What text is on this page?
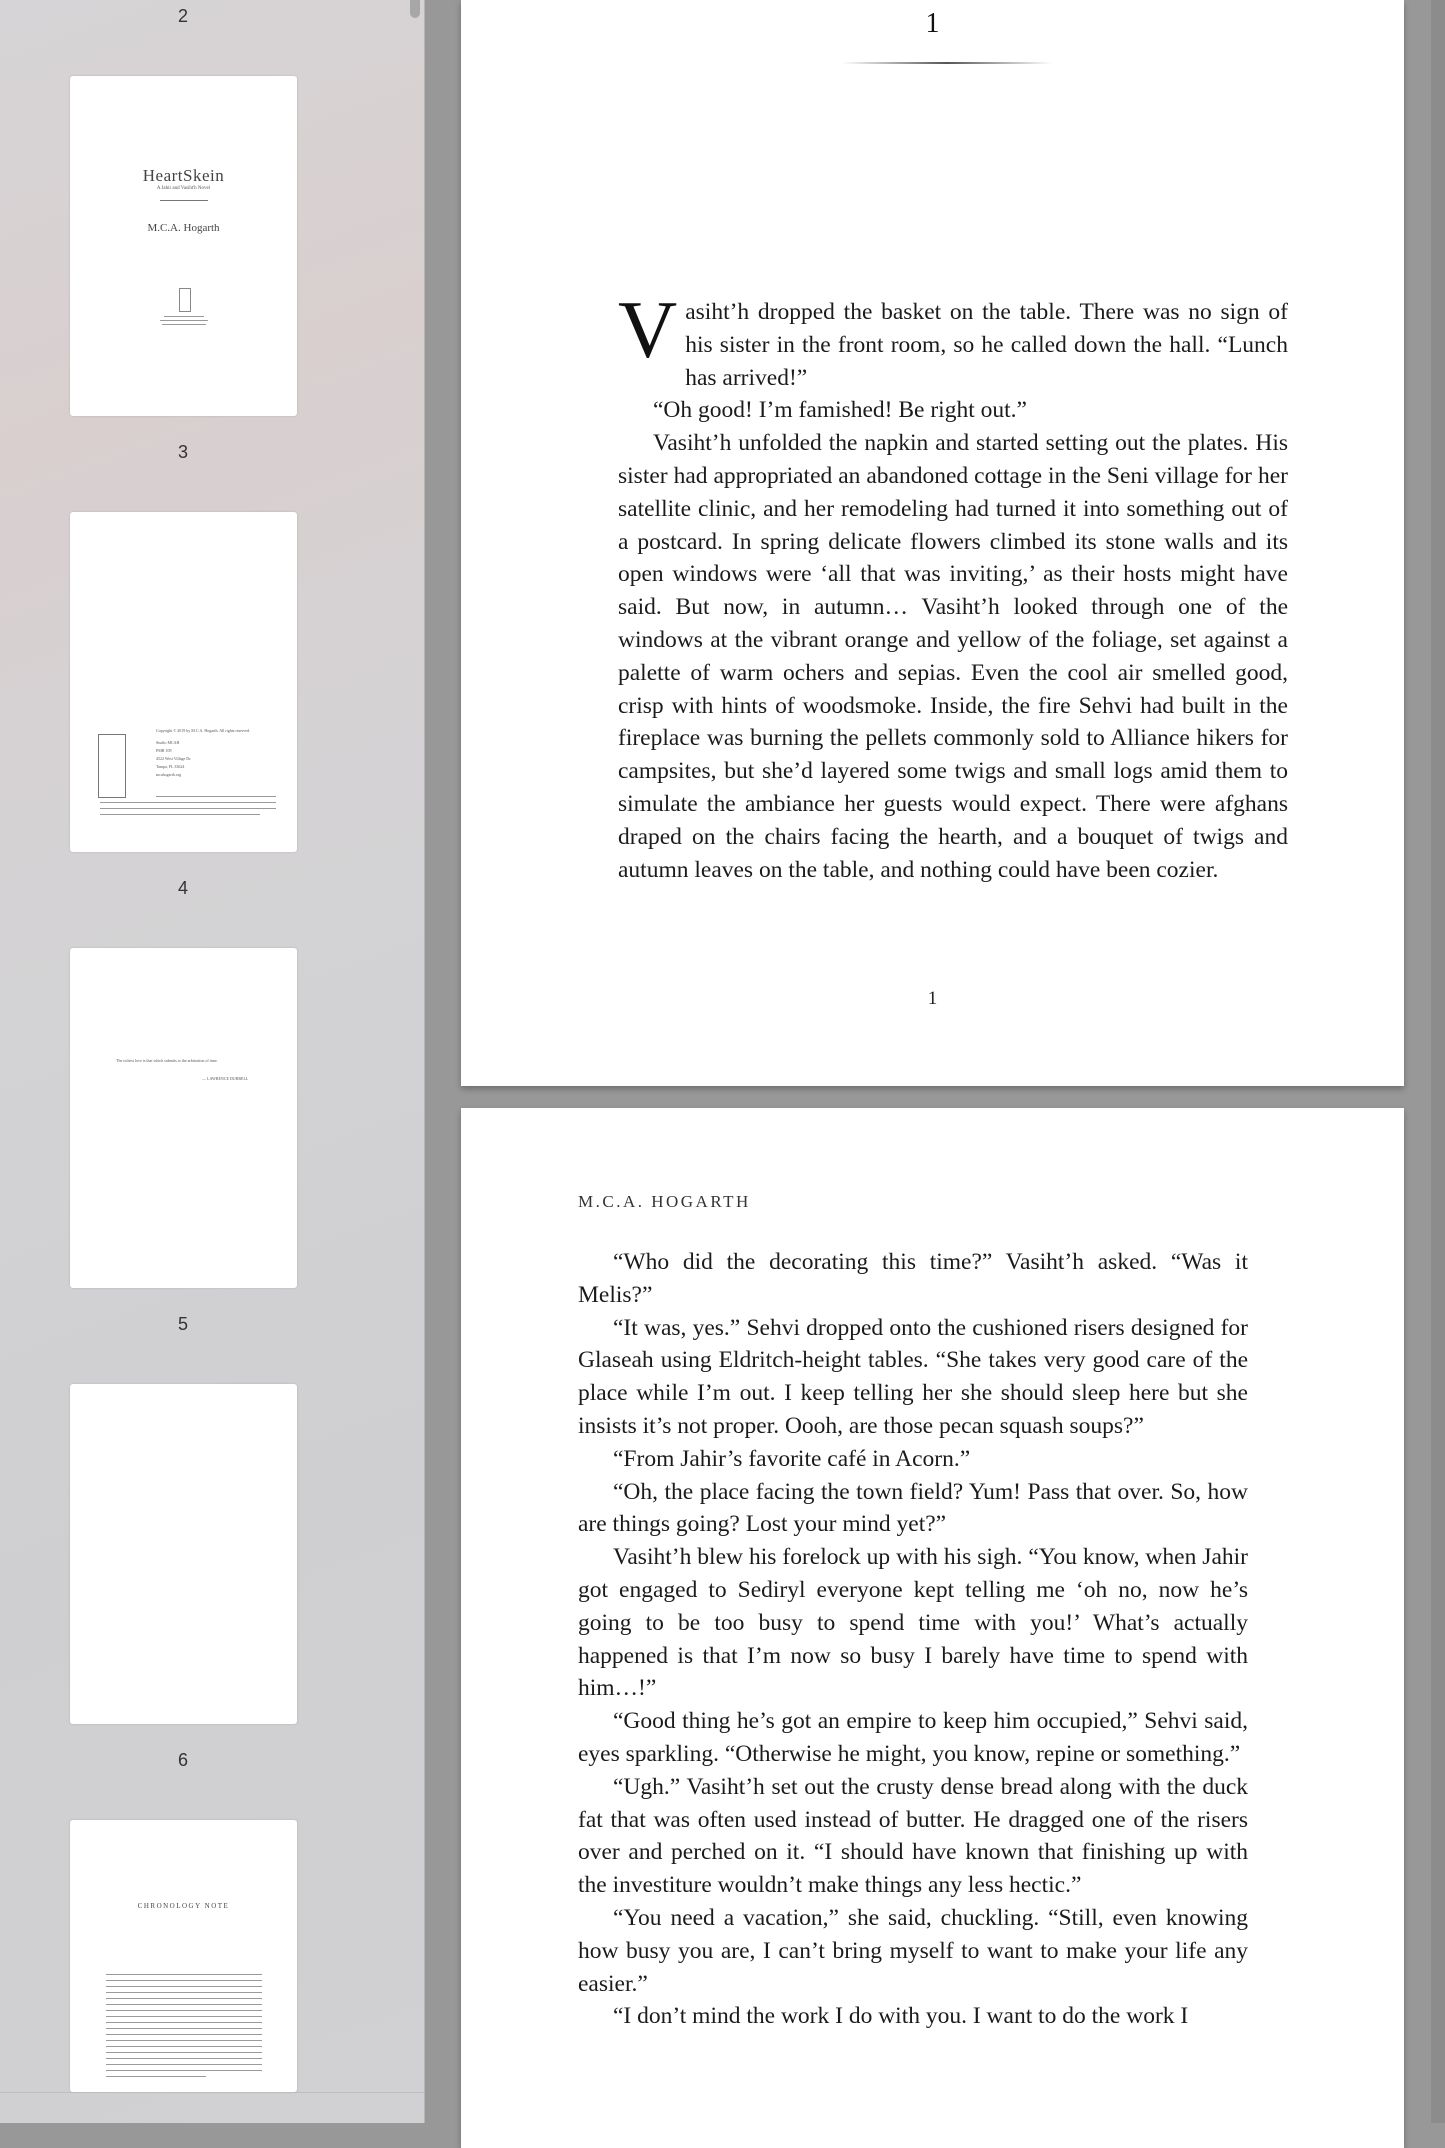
2
HeartSkein
A Jahir and Vasiht'h Novel
M.C.A. Hogarth
3
Copyright © 2019 by M.C.A. Hogarth. All rights reserved.
Studio MCAH
PMB 109
4522 West Village Dr.
Tampa, FL 33624
mcahogarth.org
4
The richest love is that which submits to the arbitration of time.
— LAWRENCE DURRELL
5
6
CHRONOLOGY NOTE
1

Vasiht’h dropped the basket on the table. There was no sign of his sister in the front room, so he called down the hall. “Lunch has arrived!”

“Oh good! I’m famished! Be right out.”

Vasiht’h unfolded the napkin and started setting out the plates. His sister had appropriated an abandoned cottage in the Seni village for her satellite clinic, and her remodeling had turned it into something out of a postcard. In spring delicate flowers climbed its stone walls and its open windows were ‘all that was inviting,’ as their hosts might have said. But now, in autumn… Vasiht’h looked through one of the windows at the vibrant orange and yellow of the foliage, set against a palette of warm ochers and sepias. Even the cool air smelled good, crisp with hints of woodsmoke. Inside, the fire Sehvi had built in the fireplace was burning the pellets commonly sold to Alliance hikers for campsites, but she’d layered some twigs and small logs amid them to simulate the ambiance her guests would expect. There were afghans draped on the chairs facing the hearth, and a bouquet of twigs and autumn leaves on the table, and nothing could have been cozier.

1
M.C.A. HOGARTH

“Who did the decorating this time?” Vasiht’h asked. “Was it Melis?”

“It was, yes.” Sehvi dropped onto the cushioned risers designed for Glaseah using Eldritch-height tables. “She takes very good care of the place while I’m out. I keep telling her she should sleep here but she insists it’s not proper. Oooh, are those pecan squash soups?”

“From Jahir’s favorite café in Acorn.”

“Oh, the place facing the town field? Yum! Pass that over. So, how are things going? Lost your mind yet?”

Vasiht’h blew his forelock up with his sigh. “You know, when Jahir got engaged to Sediryl everyone kept telling me ‘oh no, now he’s going to be too busy to spend time with you!’ What’s actually happened is that I’m now so busy I barely have time to spend with him…!”

“Good thing he’s got an empire to keep him occupied,” Sehvi said, eyes sparkling. “Otherwise he might, you know, repine or something.”

“Ugh.” Vasiht’h set out the crusty dense bread along with the duck fat that was often used instead of butter. He dragged one of the risers over and perched on it. “I should have known that finishing up with the investiture wouldn’t make things any less hectic.”

“You need a vacation,” she said, chuckling. “Still, even knowing how busy you are, I can’t bring myself to want to make your life any easier.”

“I don’t mind the work I do with you. I want to do the work I
